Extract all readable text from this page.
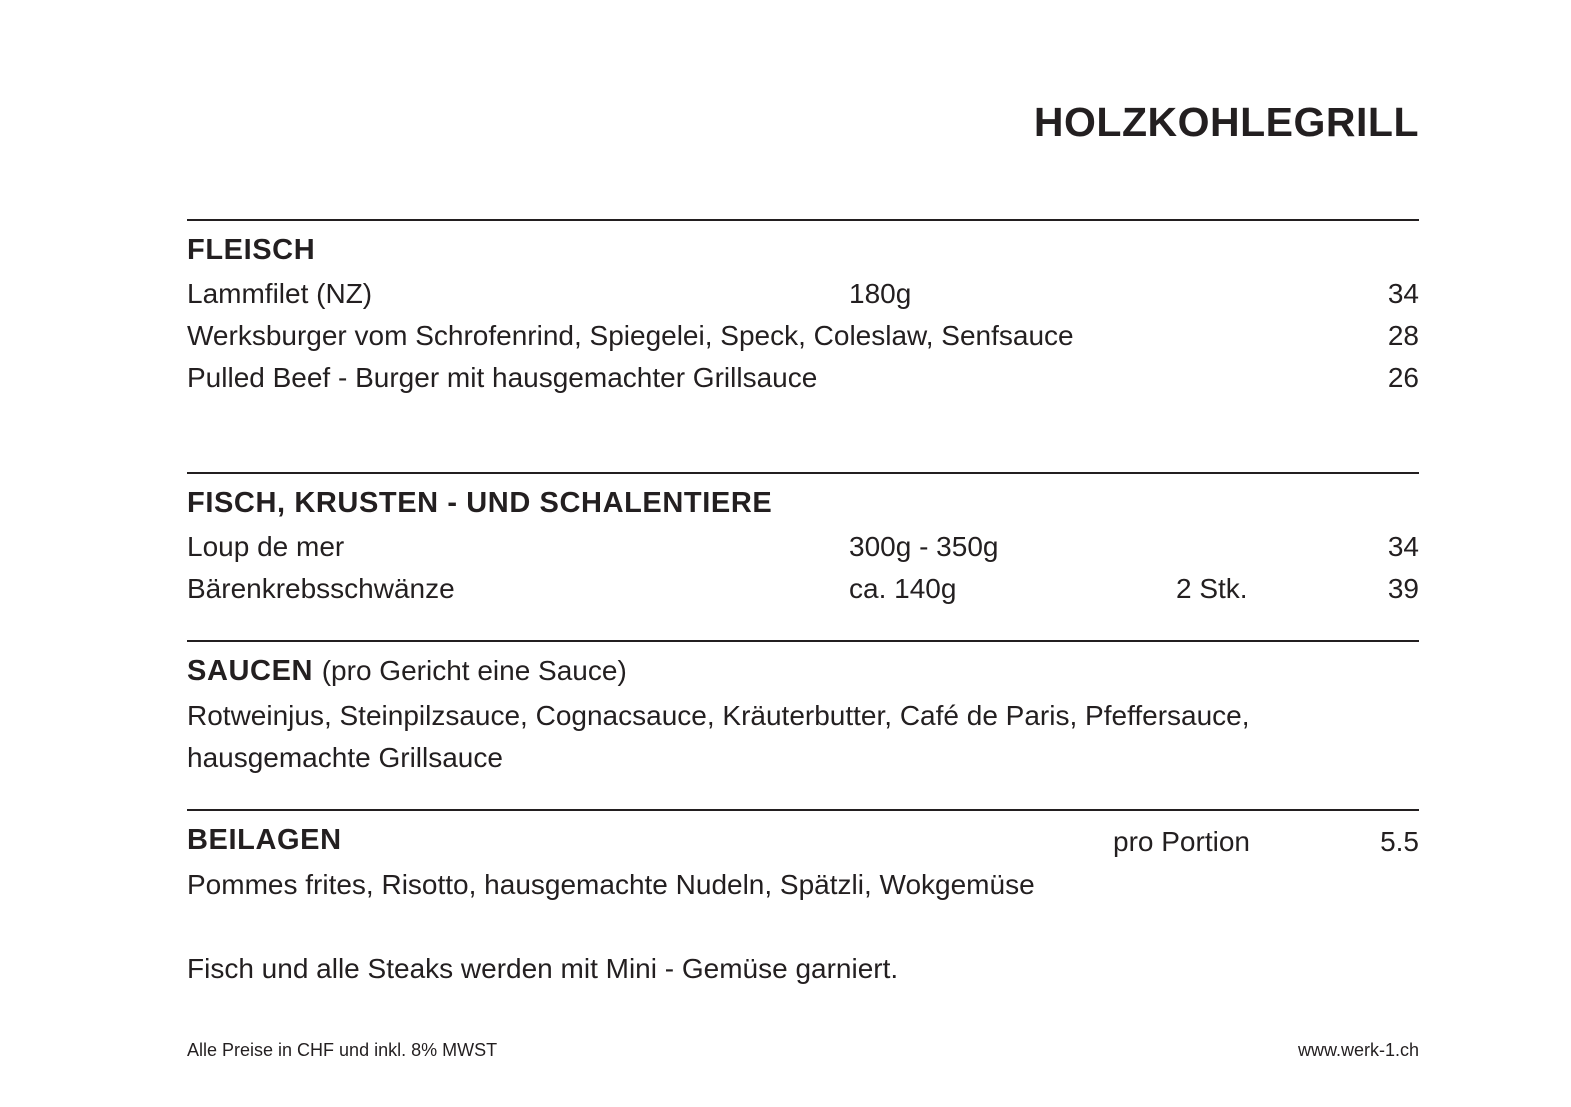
HOLZKOHLEGRILL
FLEISCH
Lammfilet (NZ)	180g	34
Werksburger vom Schrofenrind, Spiegelei, Speck, Coleslaw, Senfsauce	28
Pulled Beef - Burger mit hausgemachter Grillsauce	26
FISCH, KRUSTEN - UND SCHALENTIERE
Loup de mer	300g - 350g	34
Bärenkrebsschwänze	ca. 140g	2 Stk.	39
SAUCEN (pro Gericht eine Sauce)
Rotweinjus, Steinpilzsauce, Cognacsauce, Kräuterbutter, Café de Paris, Pfeffersauce,
hausgemachte Grillsauce
BEILAGEN	pro Portion	5.5
Pommes frites, Risotto, hausgemachte Nudeln, Spätzli, Wokgemüse
Fisch und alle Steaks werden mit Mini - Gemüse garniert.
Alle Preise in CHF und inkl. 8% MWST	www.werk-1.ch
